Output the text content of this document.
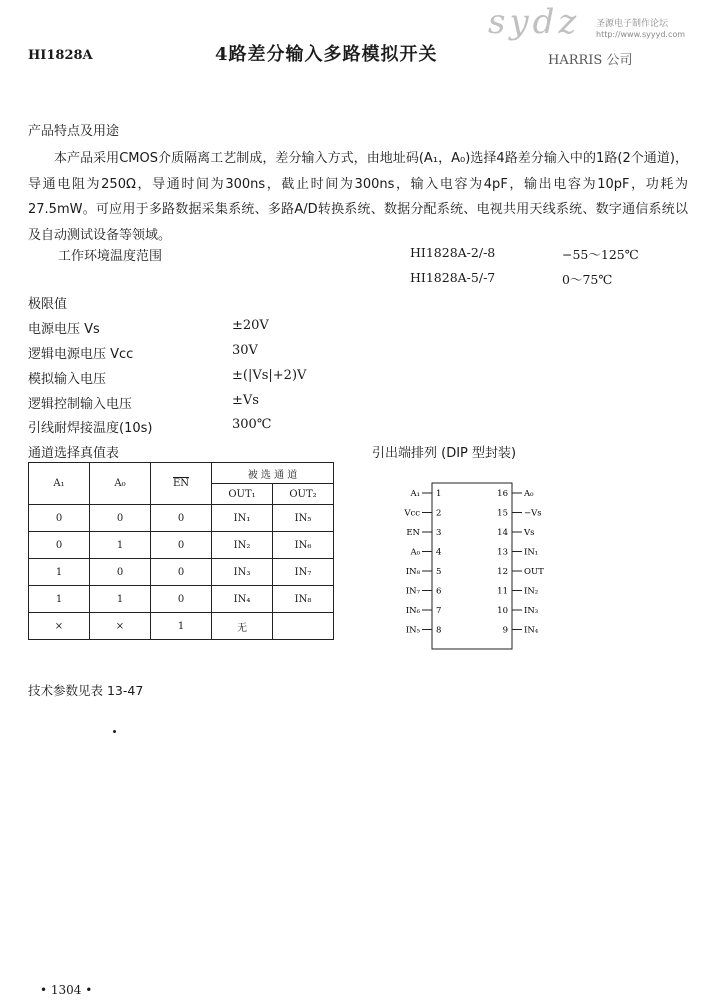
HI1828A	4路差分输入多路模拟开关
sydz 圣源电子制作论坛
http://www.syyyd.com
HARRIS 公司
产品特点及用途
本产品采用CMOS介质隔离工艺制成，差分输入方式，由地址码(A₁，A₀)选择4路差分输入中的1路(2个通道)，导通电阻为250Ω，导通时间为300ns，截止时间为300ns，输入电容为4pF，输出电容为10pF，功耗为27.5mW。可应用于多路数据采集系统、多路A/D转换系统、数据分配系统、电视共用天线系统、数字通信系统以及自动测试设备等领域。
工作环境温度范围	HI1828A-2/-8	−55～125℃
HI1828A-5/-7	0～75℃
极限值
电源电压 Vs	±20V
逻辑电源电压 Vcc	30V
模拟输入电压	±(|Vs|+2)V
逻辑控制输入电压	±Vs
引线耐焊接温度(10s)	300℃
通道选择真值表
A₁	A₀	$\overline{EN}$	被 选 通 道	
			OUT₁	OUT₂
0	0	0	IN₁	IN₅
0	1	0	IN₂	IN₆
1	0	0	IN₃	IN₇
1	1	0	IN₄	IN₈
×	×	1	无	
引出端排列 (DIP 型封装)
A₁ 1
Vcc 2
EN 3
A₀ 4
IN₈ 5
IN₇ 6
IN₆ 7
IN₅ 8
A₀
16
−Vs
15
Vs
14
IN₁
13
OUT
12
IN₂
11
IN₃
10
IN₄
9
技术参数见表 13-47
• 1304 •
